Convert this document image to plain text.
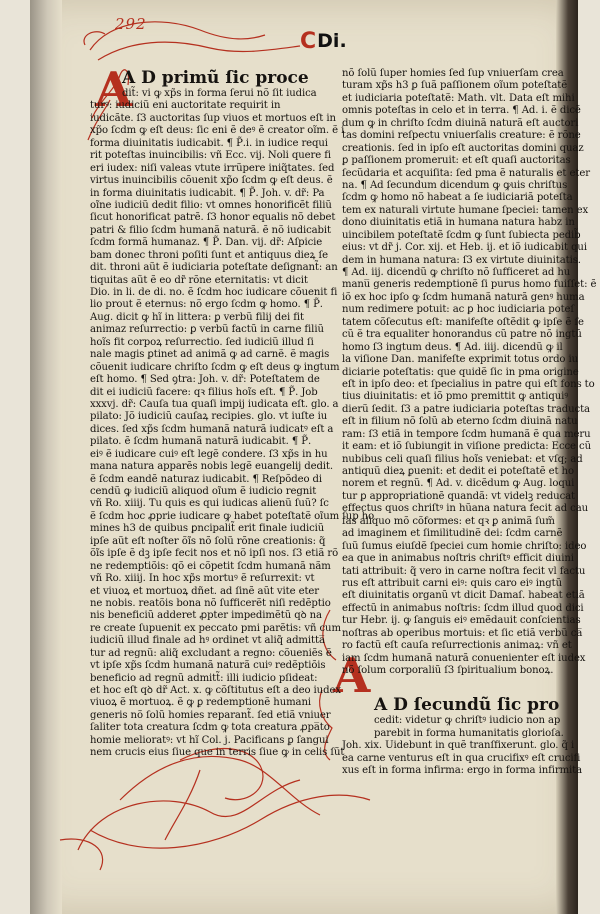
292
C Di.
A
A
A D primũ ſic proce
dit̃: vi ꝙ xp̃s in forma ſerui nõ ſit iudica
turꝰ: iudiciũ eni auctoritate requirit in
iudicãte. ſ3 auctoritas ſup viuos et mortuos eſt in
xp̃o ſcdm ꝙ eſt deus: ſic eni ẽ deꝰ ẽ creator oĩm. ẽ i
forma diuinitatis iudicabit. ¶ P̃.i. in iudice requi
rit poteſtas inuincibilis: vñ Ecc. vij. Noli quere fi
eri iudex: niſi valeas vtute irrũpere iniq̃tates. ſed
virtus inuincibilis cõuenit xp̃o ſcdm ꝙ eſt deus. ẽ
in forma diuinitatis iudicabit. ¶ P̃. Joh. v. dr̃: Pa
oĩne iudiciũ dedit filio: vt omnes honorificẽt filiũ
ſicut honorificat patrẽ. ſ3 honor equalis nõ debet
patri & filio ſcdm humanã naturã. ẽ nõ iudicabit
ſcdm formã humanaz. ¶ P̃. Dan. vij. dr̃: Aſpicie
bam donec throni poſiti ſunt et antiquus dieꝝ ſe
dit. throni aũt ẽ iudiciaria poteſtate deſignant̃: an
tiquitas aũt ẽ eo dr̃ rõne eternitatis: vt dicit
Dio. in li. de di. no. ẽ ſcdm hoc iudicare cõuenit fi
lio prout ẽ eternus: nõ ergo ſcdm ꝙ homo. ¶ P̃.
Aug. dicit ꝙ hĩ in littera: ꝑ verbũ filij dei fit
animaz reſurrectio: ꝑ verbũ factũ in carne filiũ
hoĩs fit corpoꝝ reſurrectio. ſed iudiciũ illud ſi
nale magis ꝑtinet ad animã ꝙ ad carnẽ. ẽ magis
cõuenit iudicare chriſto ſcdm ꝙ eſt deus ꝙ ingtum
eſt homo. ¶ Sed ꝯtra: Joh. v. dr̃: Poteſtatem de
dit ei iudiciũ facere: qꝛ filius hoĩs eſt. ¶ P̃. Job
xxxvj. dr̃: Cauſa tua quaſi impij iudicata eſt. glo. a
pilato: Jõ iudiciũ cauſaꝝ recipies. glo. vt iuſte iu
dices. ſed xp̃s ſcdm humanã naturã iudicatꝰ eſt a
pilato. ẽ ſcdm humanã naturã iudicabit. ¶ P̃.
eiꝰ ẽ iudicare cuiꝰ eſt legẽ condere. ſ3 xp̃s in hu
mana natura apparẽs nobis legẽ euangelij dedit.
ẽ ſcdm eandẽ naturaz iudicabit. ¶ Reſpõdeo di
cendũ ꝙ iudiciũ aliquod oĩum ẽ iudicio regnit
vñ Ro. xiiij. Tu quis es qui iudicas alienũ ſuũ? ſc
ẽ ſcdm hoc ꝓprie iudicare ꝙ habet poteſtatẽ oĩum ſup ho
mines h3 de quibus ꝑncipalit̃ erit finale iudiciũ
ipſe aũt eſt noſter õĩs nõ ſolũ rõne creationis: q̃
õĩs ipſe ẽ dꝫ ipſe fecit nos et nõ ipſi nos. ſ3 etiã rõ
ne redemptiõis: qõ ei cõpetit ſcdm humanã nãm
vñ Ro. xiiij. In hoc xp̃s mortuꝰ ẽ reſurrexit: vt
et viuoꝝ et mortuoꝝ dñet. ad ſinẽ aũt vite eter
ne nobis. reatõis bona nõ ſufficerẽt niſi redẽptio
nis beneficiũ adderet ꝓpter impedimẽtũ qꝺ na
re create ſupuenit ex peccato pmi parẽtis: vñ cum
iudiciũ illud finale ad hꝰ ordinet vt aliq̃ admitta̅
tur ad regnũ: aliq̃ excludant a regno: cõueniẽs ẽ
vt ipſe xp̃s ſcdm humanã naturã cuiꝰ redẽptiõis
beneficio ad regnũ admitt̃: illi iudicio pſideat:
et hoc eſt qꝺ dr̃ Act. x. ꝙ cõſtitutus eſt a deo iudex
viuoꝝ ẽ mortuoꝝ. ẽ ꝙ ꝑ redemptionẽ humani
generis nõ ſolũ homies reparant̃. ſed etiã vniuer
ſaliter tota creatura ſcdm ꝙ tota creatura ꝓpa̅to
homie melioratꝰ: vt hĩ Col. j. Pacificans ꝑ ſangui
nem crucis eius ſiue que in terris ſiue ꝙ in celis ſũt
nõ ſolũ ſuper homies ſed ſup vniuerſam crea
turam xp̃s h3 ꝑ ſuã paſſionem oĩum poteſtatẽ
et iudiciaria poteſtatẽ: Math. vlt. Data eſt mihi
omnis poteſtas in celo et in terra. ¶ Ad. i. ẽ dicẽ
dum ꝙ in chriſto ſcdm diuinã naturã eſt auctori
tas domini reſpectu vniuerſalis creature: ẽ rõne
creationis. ſed in ipſo eſt auctoritas domini quaz
ꝑ paſſionem promeruit: et eſt quaſi auctoritas
ſecũdaria et acquiſita: ſed pma ẽ naturalis et eter
na. ¶ Ad ſecundum dicendum ꝙ ꝙuis chriſtus
ſcdm ꝙ homo nõ habeat a ſe iudiciariã poteſta
tem ex naturali virtute humane ſpeciei: tamen ex
dono diuinitatis etiã in humana natura habz in
uincibilem poteſtatẽ ſcdm ꝙ ſunt ſubiecta pedib̃
eius: vt dr̃ j. Cor. xij. et Heb. ij. et iõ iudicabit qui
dem in humana natura: ſ3 ex virtute diuinitatis.
¶ Ad. iij. dicendũ ꝙ chriſto nõ ſufficeret ad hu
manu̅ generis redemptionẽ ſi purus homo fuiſſet: ẽ
iõ ex hoc ipſo ꝙ ſcdm humanã naturã genꝰ huma
num redimere potuit: ac ꝑ hoc iudiciaria poteſ
tatem cõſecutus eſt: manifeſte oſtẽdit ꝙ ipſe ẽ ſe
cũ ẽ tra equaliter honorandus cũ patre nõ ingtũ
homo ſ3 ingtum deus. ¶ Ad. iiij. dicendũ ꝙ il
la viſione Dan. manifeſte exprimit totus ordo iu
diciarie poteſtatis: que quidẽ ſic in pma origine
eſt in ipſo deo: et ſpecialius in patre qui eſt fons to
tius diuinitatis: et iõ pmo premittit ꝙ antiquiꝰ
dierũ ſedit. ſ3 a patre iudiciaria poteſtas traducta
eſt in filium nõ ſolũ ab eterno ſcdm diuinã natu
ram: ſ3 etiã in tempore ſcdm humanã ẽ qua meru
it eam: et iõ ſubiungit in viſione predicta: Ecce cũ
nubibus celi quaſi filius hoĩs veniebat: et vſq; ad
antiquũ dieꝝ ꝑuenit: et dedit ei poteſtatẽ et ho
norem et regnũ. ¶ Ad. v. dicẽdum ꝙ Aug. loqui
tur ꝑ appropriationẽ quandã: vt videlꝫ reducat
effectus quos chriſtꝰ in hũana natura fecit ad cau
ſas aliquo mõ cõformes: et qꝛ ꝑ animã ſum̃
ad imaginem et ſimilitudinẽ dei: ſcdm carnẽ
ſuũ ſumus eiuſdẽ ſpeciei cum homie chriſto: ideo
ea que in animabus noſtris chriſtꝰ efficit diuini
tati attribuit: q̃ vero in carne noſtra fecit vl factu
rus eſt attribuit carni eiꝰ: quis caro eiꝰ ingtũ
eſt diuinitatis organũ vt dicit Damaſ. habeat etiã
effectũ in animabus noſtris: ſcdm illud quod dici
tur Hebr. ij. ꝙ ſanguis eiꝰ emẽdauit conſcientias
noſtras ab operibus mortuis: et ſic etiã verbũ ca̅
ro factũ eſt cauſa reſurrectionis animaꝝ: vñ et
iam ſcdm humanã naturã conuenienter eſt iudex
nõ ſolum corporaliũ ſ3 ſpiritualium bonoꝝ.
A D ſecundũ ſic pro
cedit: videtur ꝙ chriſtꝰ iudicio non ap
parebit in forma humanitatis glorioſa.
Joh. xix. Uidebunt in quẽ tranſfixerunt. glo. q̃ i
ea carne venturus eſt in qua crucifixꝰ eſt crucifi
xus eſt in forma infirma: ergo in forma infirmita
